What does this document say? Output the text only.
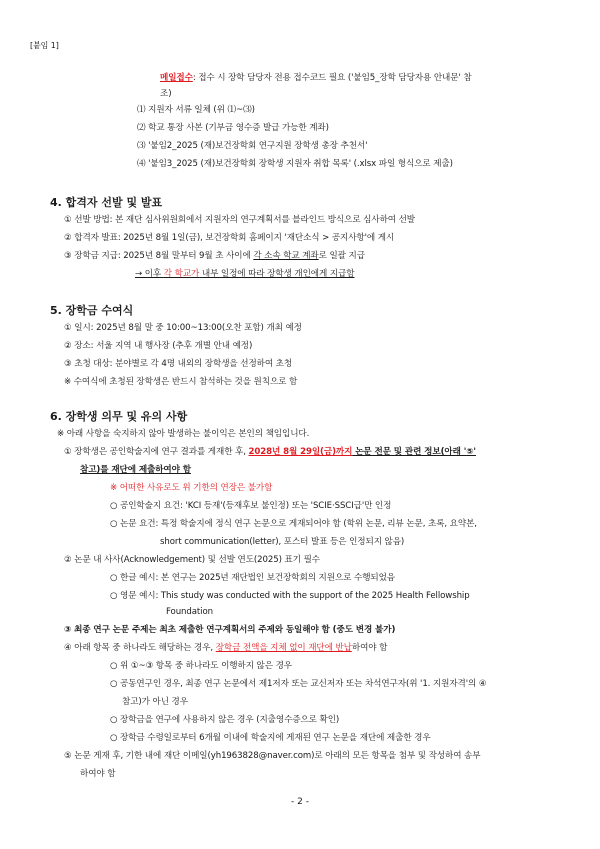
[붙임 1]
메일접수: 접수 시 장학 담당자 전용 접수코드 필요 ('붙임5_장학 담당자용 안내문' 참
조)
⑴ 지원자 서류 일체 (위 ⑴~⑶)
⑵ 학교 통장 사본 (기부금 영수증 발급 가능한 계좌)
⑶ '붙임2_2025 (재)보건장학회 연구지원 장학생 총장 추천서'
⑷ '붙임3_2025 (재)보건장학회 장학생 지원자 취합 목록' (.xlsx 파일 형식으로 제출)
4. 합격자 선발 및 발표
① 선발 방법: 본 재단 심사위원회에서 지원자의 연구계획서를 블라인드 방식으로 심사하여 선발
② 합격자 발표: 2025년 8월 1일(금), 보건장학회 홈페이지 '재단소식 > 공지사항'에 게시
③ 장학금 지급: 2025년 8월 말부터 9월 초 사이에 각 소속 학교 계좌로 일괄 지급
→ 이후 각 학교가 내부 일정에 따라 장학생 개인에게 지급함
5. 장학금 수여식
① 일시: 2025년 8월 말 중 10:00~13:00(오찬 포함) 개최 예정
② 장소: 서울 지역 내 행사장 (추후 개별 안내 예정)
③ 초청 대상: 분야별로 각 4명 내외의 장학생을 선정하여 초청
※ 수여식에 초청된 장학생은 반드시 참석하는 것을 원칙으로 함
6. 장학생 의무 및 유의 사항
※ 아래 사항을 숙지하지 않아 발생하는 불이익은 본인의 책임입니다.
① 장학생은 공인학술지에 연구 결과를 게재한 후, 2028년 8월 29일(금)까지 논문 전문 및 관련 정보(아래 '⑤'
참고)를 재단에 제출하여야 함
※ 어떠한 사유로도 위 기한의 연장은 불가함
○ 공인학술지 요건: 'KCI 등재'(등재후보 불인정) 또는 'SCIE·SSCI급'만 인정
○ 논문 요건: 특정 학술지에 정식 연구 논문으로 게재되어야 함 (학위 논문, 리뷰 논문, 초록, 요약본,
short communication(letter), 포스터 발표 등은 인정되지 않음)
② 논문 내 사사(Acknowledgement) 및 선발 연도(2025) 표기 필수
○ 한글 예시: 본 연구는 2025년 재단법인 보건장학회의 지원으로 수행되었음
○ 영문 예시: This study was conducted with the support of the 2025 Health Fellowship
Foundation
③ 최종 연구 논문 주제는 최초 제출한 연구계획서의 주제와 동일해야 함 (중도 변경 불가)
④ 아래 항목 중 하나라도 해당하는 경우, 장학금 전액을 지체 없이 재단에 반납하여야 함
○ 위 ①~③ 항목 중 하나라도 이행하지 않은 경우
○ 공동연구인 경우, 최종 연구 논문에서 제1저자 또는 교신저자 또는 차석연구자(위 '1. 지원자격'의 ④
참고)가 아닌 경우
○ 장학금을 연구에 사용하지 않은 경우 (지출영수증으로 확인)
○ 장학금 수령일로부터 6개월 이내에 학술지에 게재된 연구 논문을 재단에 제출한 경우
⑤ 논문 게재 후, 기한 내에 재단 이메일(yh1963828@naver.com)로 아래의 모든 항목을 첨부 및 작성하여 송부
하여야 함
- 2 -
